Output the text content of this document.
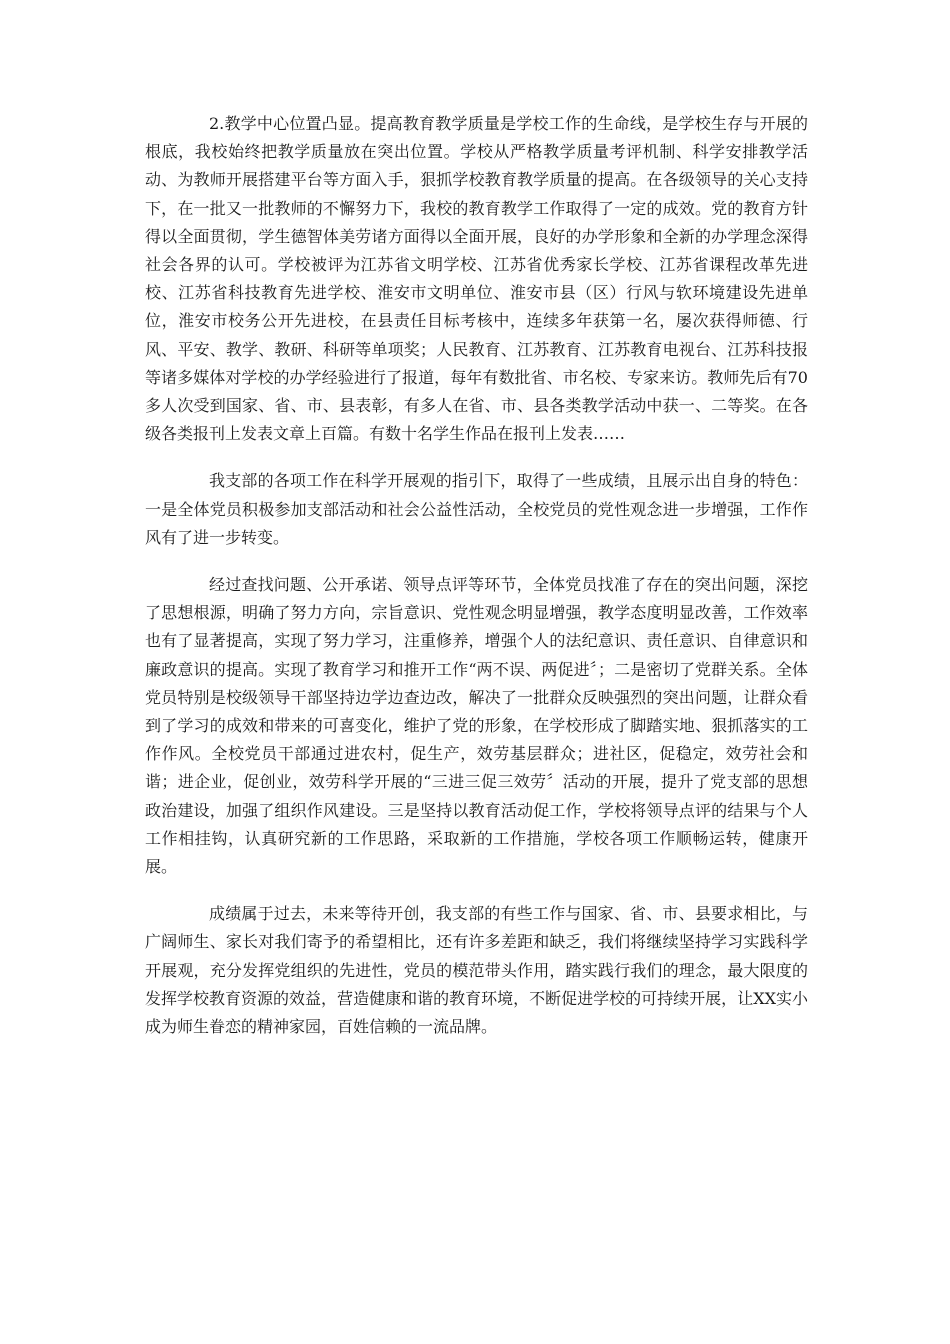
2.教学中心位置凸显。提高教育教学质量是学校工作的生命线，是学校生存与开展的根底，我校始终把教学质量放在突出位置。学校从严格教学质量考评机制、科学安排教学活动、为教师开展搭建平台等方面入手，狠抓学校教育教学质量的提高。在各级领导的关心支持下，在一批又一批教师的不懈努力下，我校的教育教学工作取得了一定的成效。党的教育方针得以全面贯彻，学生德智体美劳诸方面得以全面开展，良好的办学形象和全新的办学理念深得社会各界的认可。学校被评为江苏省文明学校、江苏省优秀家长学校、江苏省课程改革先进校、江苏省科技教育先进学校、淮安市文明单位、淮安市县（区）行风与软环境建设先进单位，淮安市校务公开先进校，在县责任目标考核中，连续多年获第一名，屡次获得师德、行风、平安、教学、教研、科研等单项奖；人民教育、江苏教育、江苏教育电视台、江苏科技报等诸多媒体对学校的办学经验进行了报道，每年有数批省、市名校、专家来访。教师先后有70多人次受到国家、省、市、县表彰，有多人在省、市、县各类教学活动中获一、二等奖。在各级各类报刊上发表文章上百篇。有数十名学生作品在报刊上发表……

我支部的各项工作在科学开展观的指引下，取得了一些成绩，且展示出自身的特色：一是全体党员积极参加支部活动和社会公益性活动，全校党员的党性观念进一步增强，工作作风有了进一步转变。

经过查找问题、公开承诺、领导点评等环节，全体党员找准了存在的突出问题，深挖了思想根源，明确了努力方向，宗旨意识、党性观念明显增强，教学态度明显改善，工作效率也有了显著提高，实现了努力学习，注重修养，增强个人的法纪意识、责任意识、自律意识和廉政意识的提高。实现了教育学习和推开工作“两不误、两促进〞；二是密切了党群关系。全体党员特别是校级领导干部坚持边学边查边改，解决了一批群众反映强烈的突出问题，让群众看到了学习的成效和带来的可喜变化，维护了党的形象，在学校形成了脚踏实地、狠抓落实的工作作风。全校党员干部通过进农村，促生产，效劳基层群众；进社区，促稳定，效劳社会和谐；进企业，促创业，效劳科学开展的“三进三促三效劳〞活动的开展，提升了党支部的思想政治建设，加强了组织作风建设。三是坚持以教育活动促工作，学校将领导点评的结果与个人工作相挂钩，认真研究新的工作思路，采取新的工作措施，学校各项工作顺畅运转，健康开展。

成绩属于过去，未来等待开创，我支部的有些工作与国家、省、市、县要求相比，与广阔师生、家长对我们寄予的希望相比，还有许多差距和缺乏，我们将继续坚持学习实践科学开展观，充分发挥党组织的先进性，党员的模范带头作用，踏实践行我们的理念，最大限度的发挥学校教育资源的效益，营造健康和谐的教育环境，不断促进学校的可持续开展，让XX实小成为师生眷恋的精神家园，百姓信赖的一流品牌。
